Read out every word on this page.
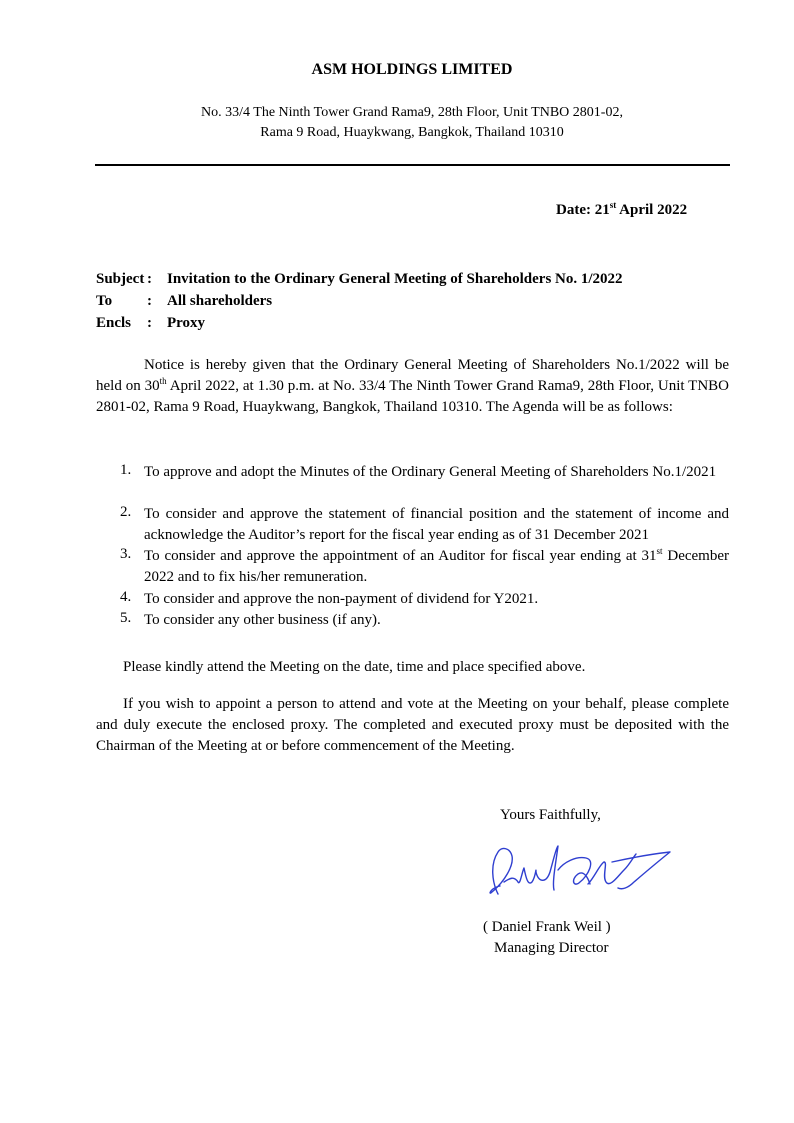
ASM HOLDINGS LIMITED
No. 33/4 The Ninth Tower Grand Rama9, 28th Floor, Unit TNBO 2801-02,
Rama 9 Road, Huaykwang, Bangkok, Thailand 10310
Date: 21st April 2022
Subject : Invitation to the Ordinary General Meeting of Shareholders No. 1/2022
To : All shareholders
Encls : Proxy
Notice is hereby given that the Ordinary General Meeting of Shareholders No.1/2022 will be held on 30th April 2022, at 1.30 p.m. at No. 33/4 The Ninth Tower Grand Rama9, 28th Floor, Unit TNBO 2801-02, Rama 9 Road, Huaykwang, Bangkok, Thailand 10310. The Agenda will be as follows:
1. To approve and adopt the Minutes of the Ordinary General Meeting of Shareholders No.1/2021
2. To consider and approve the statement of financial position and the statement of income and acknowledge the Auditor’s report for the fiscal year ending as of 31 December 2021
3. To consider and approve the appointment of an Auditor for fiscal year ending at 31st December 2022 and to fix his/her remuneration.
4. To consider and approve the non-payment of dividend for Y2021.
5. To consider any other business (if any).
Please kindly attend the Meeting on the date, time and place specified above.
If you wish to appoint a person to attend and vote at the Meeting on your behalf, please complete and duly execute the enclosed proxy. The completed and executed proxy must be deposited with the Chairman of the Meeting at or before commencement of the Meeting.
Yours Faithfully,
( Daniel Frank Weil )
Managing Director
